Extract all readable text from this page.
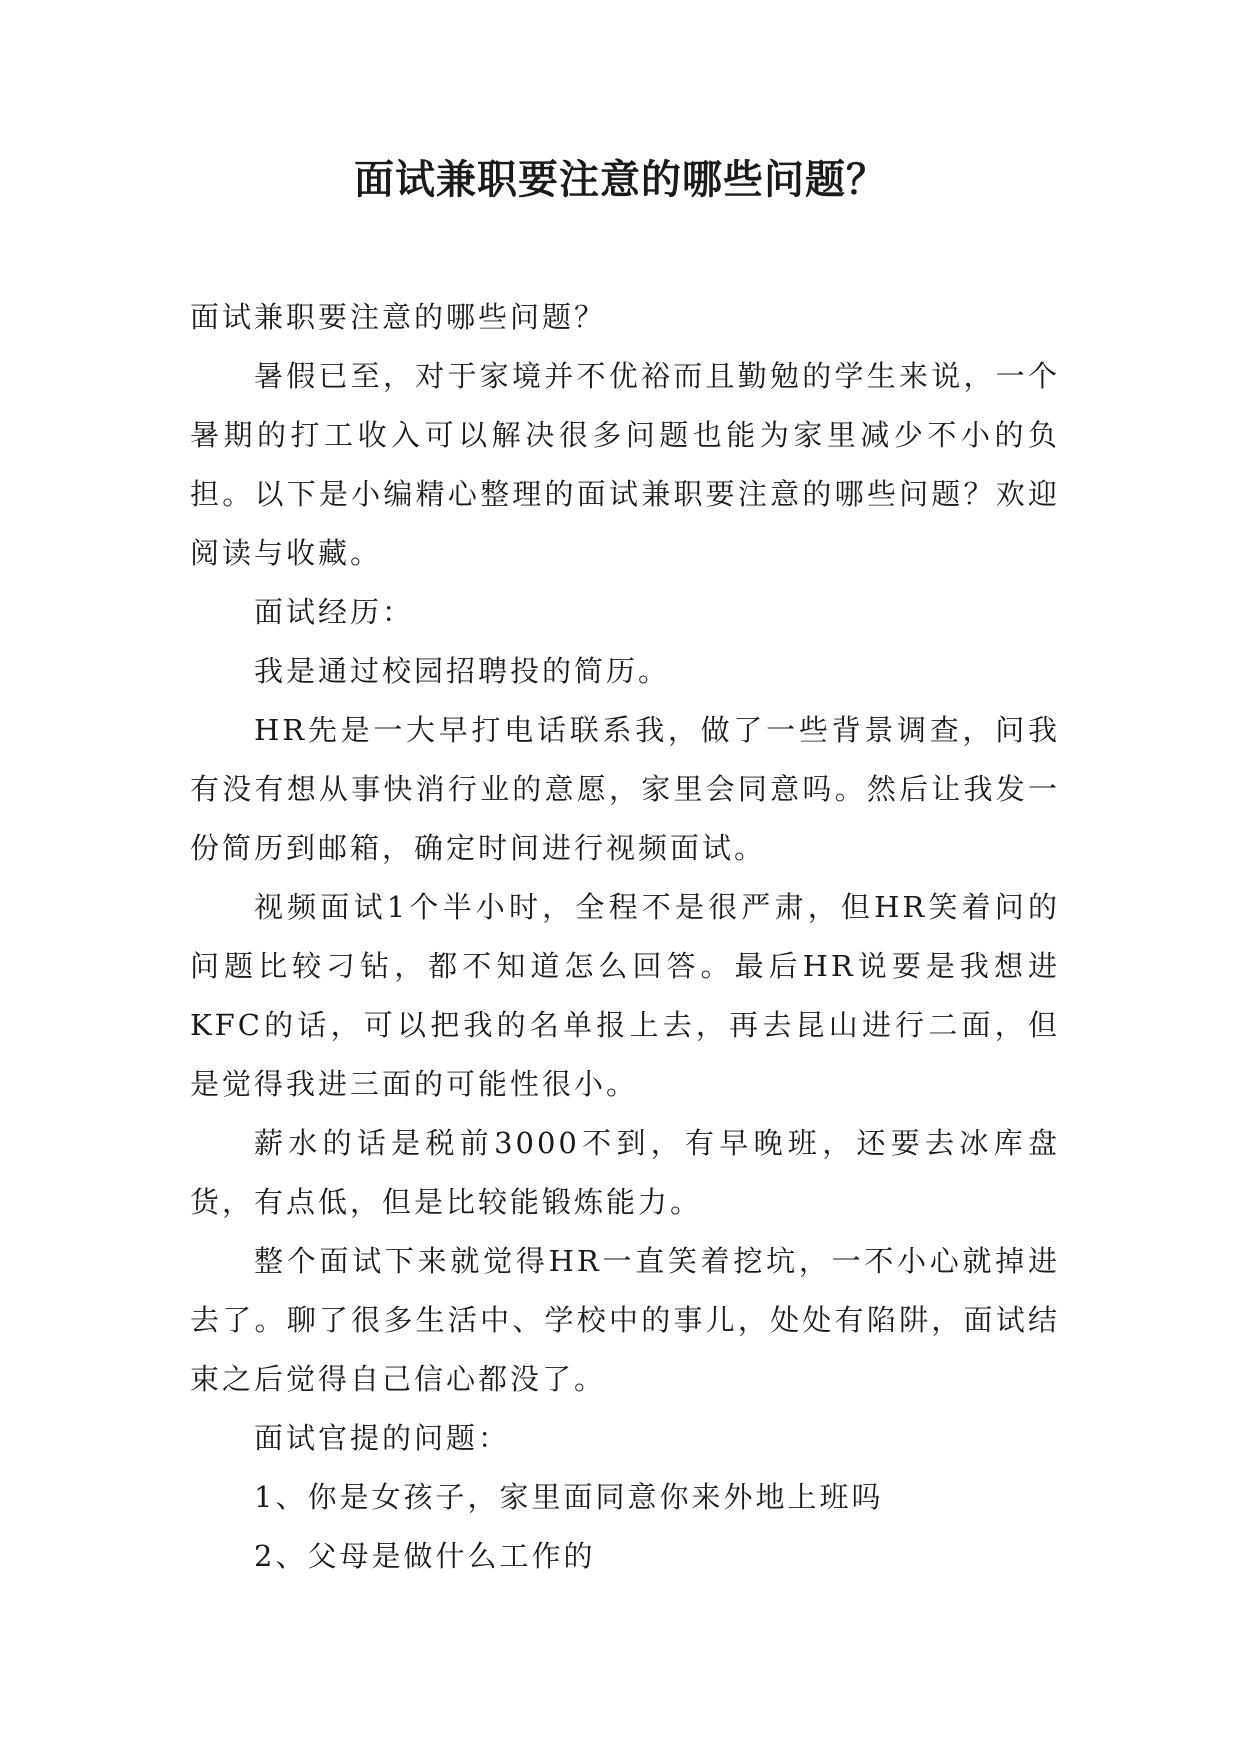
面试兼职要注意的哪些问题？

面试兼职要注意的哪些问题？

暑假已至，对于家境并不优裕而且勤勉的学生来说，一个暑期的打工收入可以解决很多问题也能为家里减少不小的负担。以下是小编精心整理的面试兼职要注意的哪些问题？欢迎阅读与收藏。

面试经历：

我是通过校园招聘投的简历。

HR先是一大早打电话联系我，做了一些背景调查，问我有没有想从事快消行业的意愿，家里会同意吗。然后让我发一份简历到邮箱，确定时间进行视频面试。

视频面试1个半小时，全程不是很严肃，但HR笑着问的问题比较刁钻，都不知道怎么回答。最后HR说要是我想进KFC的话，可以把我的名单报上去，再去昆山进行二面，但是觉得我进三面的可能性很小。

薪水的话是税前3000不到，有早晚班，还要去冰库盘货，有点低，但是比较能锻炼能力。

整个面试下来就觉得HR一直笑着挖坑，一不小心就掉进去了。聊了很多生活中、学校中的事儿，处处有陷阱，面试结束之后觉得自己信心都没了。

面试官提的问题：

1、你是女孩子，家里面同意你来外地上班吗

2、父母是做什么工作的
